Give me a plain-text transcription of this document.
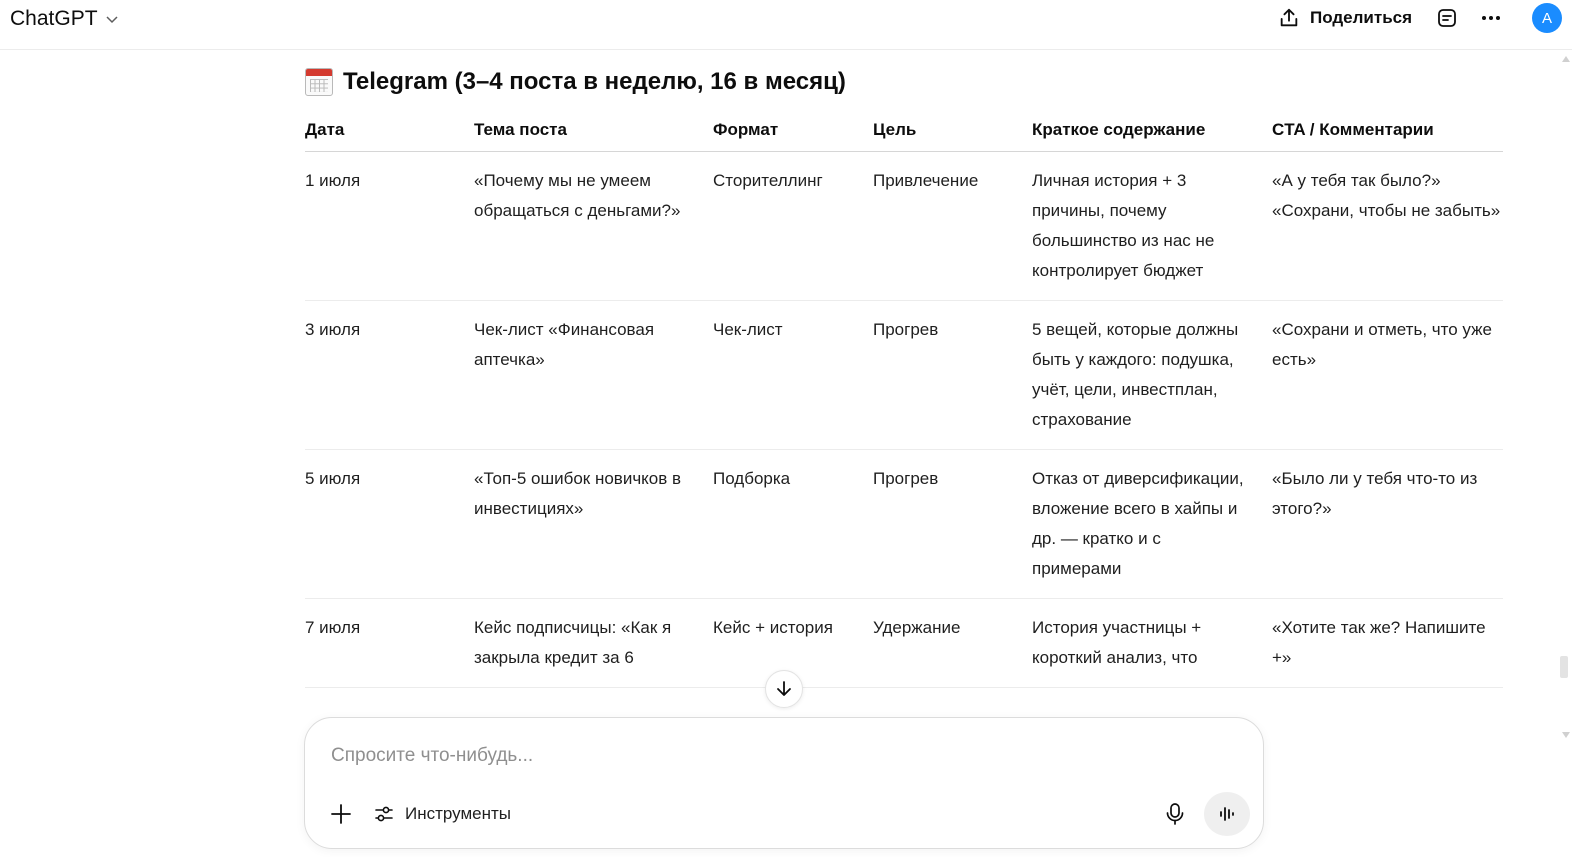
ChatGPT	Поделиться	A
Telegram (3–4 поста в неделю, 16 в месяц)
Дата	Тема поста	Формат	Цель	Краткое содержание	CTA / Комментарии
1 июля	«Почему мы не умеем обращаться с деньгами?»	Сторителлинг	Привлечение	Личная история + 3 причины, почему большинство из нас не контролирует бюджет	«А у тебя так было?» «Сохрани, чтобы не забыть»
3 июля	Чек-лист «Финансовая аптечка»	Чек-лист	Прогрев	5 вещей, которые должны быть у каждого: подушка, учёт, цели, инвестплан, страхование	«Сохрани и отметь, что уже есть»
5 июля	«Топ-5 ошибок новичков в инвестициях»	Подборка	Прогрев	Отказ от диверсификации, вложение всего в хайпы и др. — кратко и с примерами	«Было ли у тебя что-то из этого?»
7 июля	Кейс подписчицы: «Как я закрыла кредит за 6	Кейс + история	Удержание	История участницы + короткий анализ, что	«Хотите так же? Напишите +»
Спросите что-нибудь...
Инструменты
